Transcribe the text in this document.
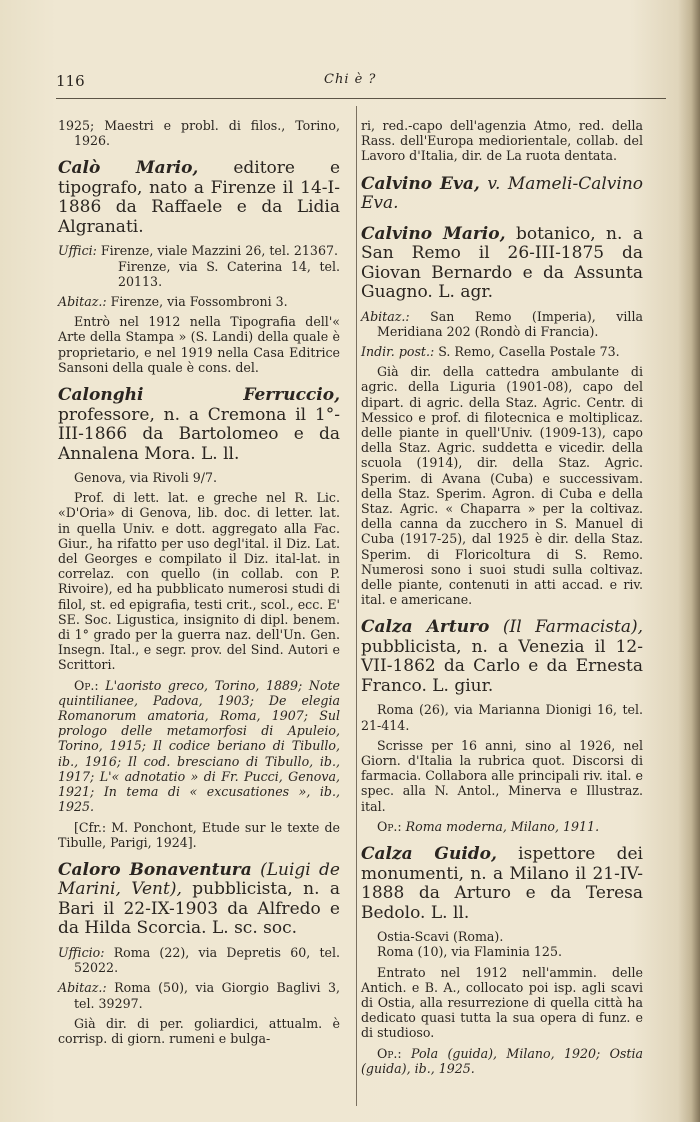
116	Chi è ?

1925; Maestri e probl. di filos., Torino, 1926.

Calò Mario, editore e tipografo, nato a Firenze il 14-I-1886 da Raffaele e da Lidia Algranati.

Uffici: Firenze, viale Mazzini 26, tel. 21367.

Firenze, via S. Caterina 14, tel. 20113.

Abitaz.: Firenze, via Fossombroni 3.

Entrò nel 1912 nella Tipografia dell'« Arte della Stampa » (S. Landi) della quale è proprietario, e nel 1919 nella Casa Editrice Sansoni della quale è cons. del.

Calonghi Ferruccio, professore, n. a Cremona il 1°-III-1866 da Bartolomeo e da Annalena Mora. L. ll.

Genova, via Rivoli 9/7.

Prof. di lett. lat. e greche nel R. Lic. «D'Oria» di Genova, lib. doc. di letter. lat. in quella Univ. e dott. aggregato alla Fac. Giur., ha rifatto per uso degl'ital. il Diz. Lat. del Georges e compilato il Diz. ital-lat. in correlaz. con quello (in collab. con P. Rivoire), ed ha pubblicato numerosi studi di filol, st. ed epigrafia, testi crit., scol., ecc. E' SE. Soc. Ligustica, insignito di dipl. benem. di 1° grado per la guerra naz. dell'Un. Gen. Insegn. Ital., e segr. prov. del Sind. Autori e Scrittori.

Op.: L'aoristo greco, Torino, 1889; Note quintilianee, Padova, 1903; De elegia Romanorum amatoria, Roma, 1907; Sul prologo delle metamorfosi di Apuleio, Torino, 1915; Il codice beriano di Tibullo, ib., 1916; Il cod. bresciano di Tibullo, ib., 1917; L'« adnotatio » di Fr. Pucci, Genova, 1921; In tema di « excusationes », ib., 1925.

[Cfr.: M. Ponchont, Etude sur le texte de Tibulle, Parigi, 1924].

Caloro Bonaventura (Luigi de Marini, Vent), pubblicista, n. a Bari il 22-IX-1903 da Alfredo e da Hilda Scorcia. L. sc. soc.

Ufficio: Roma (22), via Depretis 60, tel. 52022.

Abitaz.: Roma (50), via Giorgio Baglivi 3, tel. 39297.

Già dir. di per. goliardici, attualm. è corrisp. di giorn. rumeni e bulga-

ri, red.-capo dell'agenzia Atmo, red. della Rass. dell'Europa mediorientale, collab. del Lavoro d'Italia, dir. de La ruota dentata.

Calvino Eva, v. Mameli-Calvino Eva.

Calvino Mario, botanico, n. a San Remo il 26-III-1875 da Giovan Bernardo e da Assunta Guagno. L. agr.

Abitaz.: San Remo (Imperia), villa Meridiana 202 (Rondò di Francia).

Indir. post.: S. Remo, Casella Postale 73.

Già dir. della cattedra ambulante di agric. della Liguria (1901-08), capo del dipart. di agric. della Staz. Agric. Centr. di Messico e prof. di filotecnica e moltiplicaz. delle piante in quell'Univ. (1909-13), capo della Staz. Agric. suddetta e vicedir. della scuola (1914), dir. della Staz. Agric. Sperim. di Avana (Cuba) e successivam. della Staz. Sperim. Agron. di Cuba e della Staz. Agric. « Chaparra » per la coltivaz. della canna da zucchero in S. Manuel di Cuba (1917-25), dal 1925 è dir. della Staz. Sperim. di Floricoltura di S. Remo. Numerosi sono i suoi studi sulla coltivaz. delle piante, contenuti in atti accad. e riv. ital. e americane.

Calza Arturo (Il Farmacista), pubblicista, n. a Venezia il 12-VII-1862 da Carlo e da Ernesta Franco. L. giur.

Roma (26), via Marianna Dionigi 16, tel. 21-414.

Scrisse per 16 anni, sino al 1926, nel Giorn. d'Italia la rubrica quot. Discorsi di farmacia. Collabora alle principali riv. ital. e spec. alla N. Antol., Minerva e Illustraz. ital.

Op.: Roma moderna, Milano, 1911.

Calza Guido, ispettore dei monumenti, n. a Milano il 21-IV-1888 da Arturo e da Teresa Bedolo. L. ll.

Ostia-Scavi (Roma).

Roma (10), via Flaminia 125.

Entrato nel 1912 nell'ammin. delle Antich. e B. A., collocato poi isp. agli scavi di Ostia, alla resurrezione di quella città ha dedicato quasi tutta la sua opera di funz. e di studioso.

Op.: Pola (guida), Milano, 1920; Ostia (guida), ib., 1925.
